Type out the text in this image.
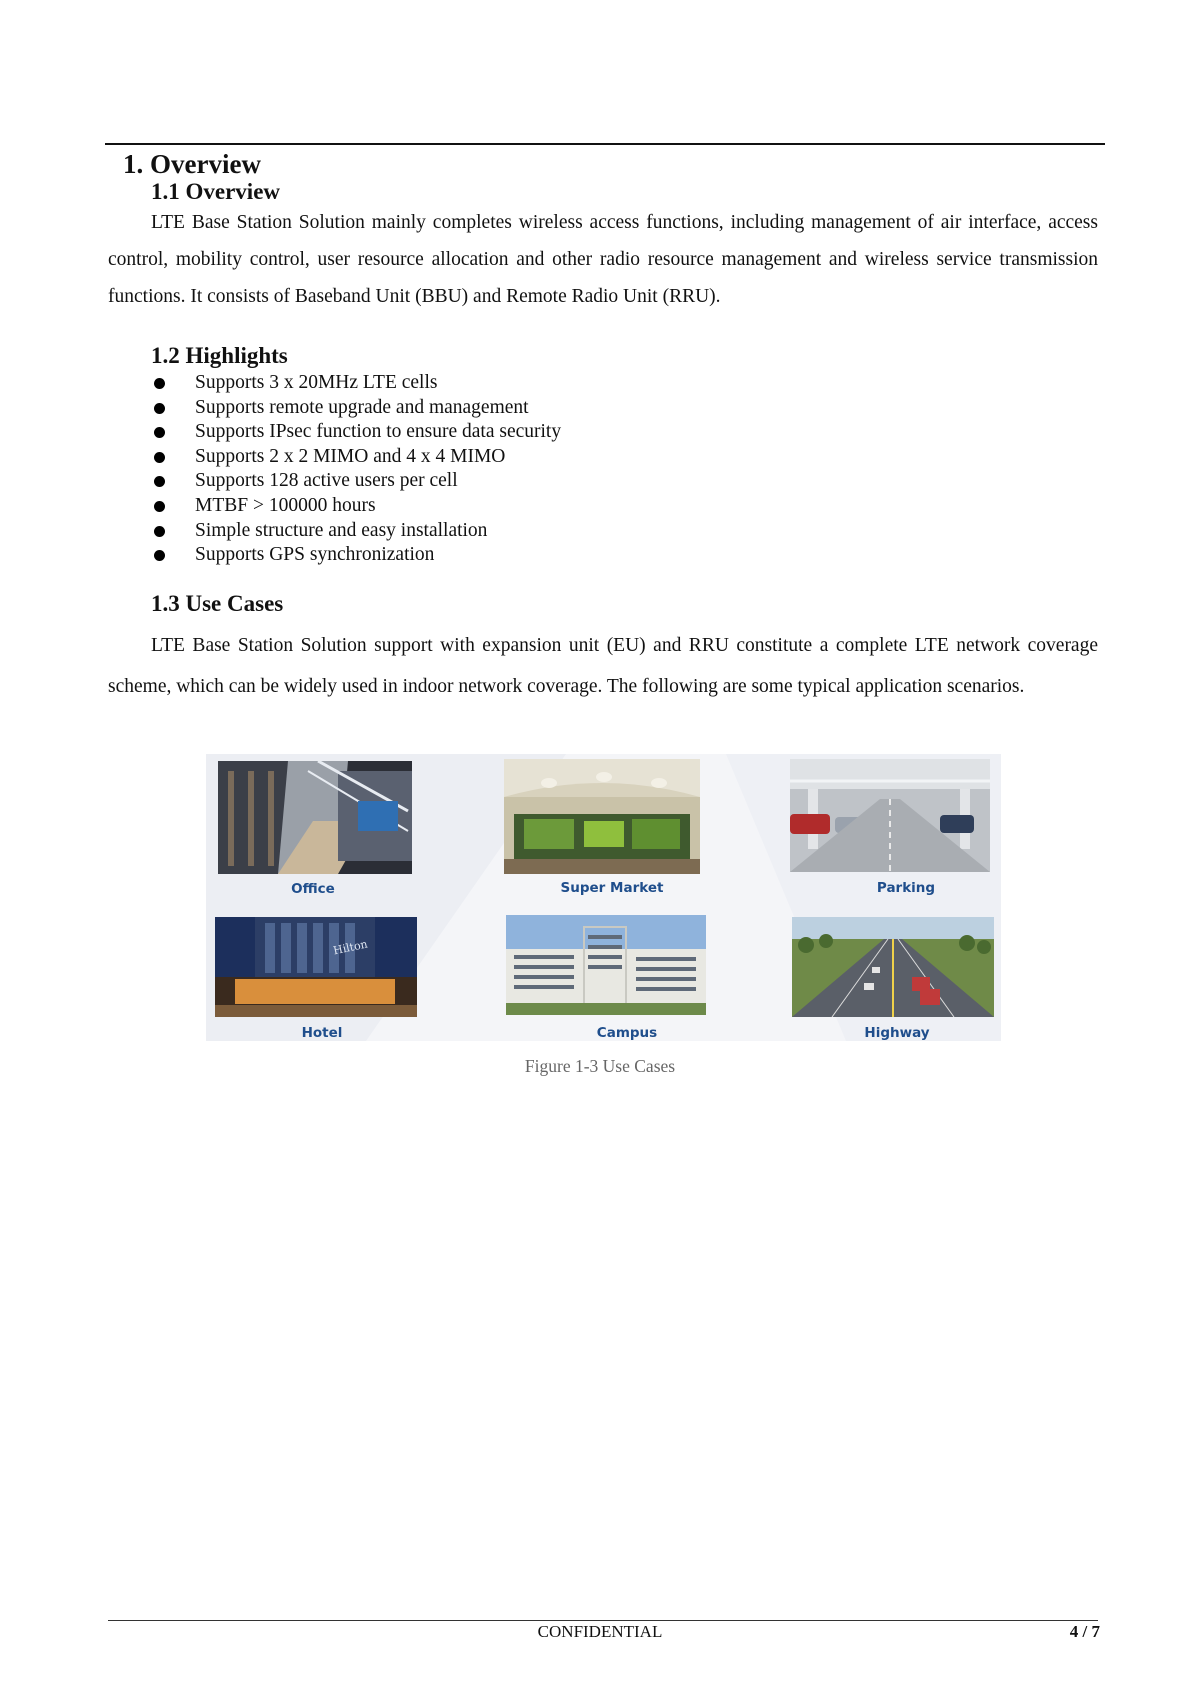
1. Overview
1.1 Overview

LTE Base Station Solution mainly completes wireless access functions, including management of air interface, access control, mobility control, user resource allocation and other radio resource management and wireless service transmission functions. It consists of Baseband Unit (BBU) and Remote Radio Unit (RRU).

1.2 Highlights
Supports 3 x 20MHz LTE cells
Supports remote upgrade and management
Supports IPsec function to ensure data security
Supports 2 x 2 MIMO and 4 x 4 MIMO
Supports 128 active users per cell
MTBF > 100000 hours
Simple structure and easy installation
Supports GPS synchronization
1.3 Use Cases

LTE Base Station Solution support with expansion unit (EU) and RRU constitute a complete LTE network coverage scheme, which can be widely used in indoor network coverage. The following are some typical application scenarios.

Office	Super Market	Parking
Hilton
Hotel	Campus	Highway

Figure 1-3 Use Cases

CONFIDENTIAL	4 / 7
